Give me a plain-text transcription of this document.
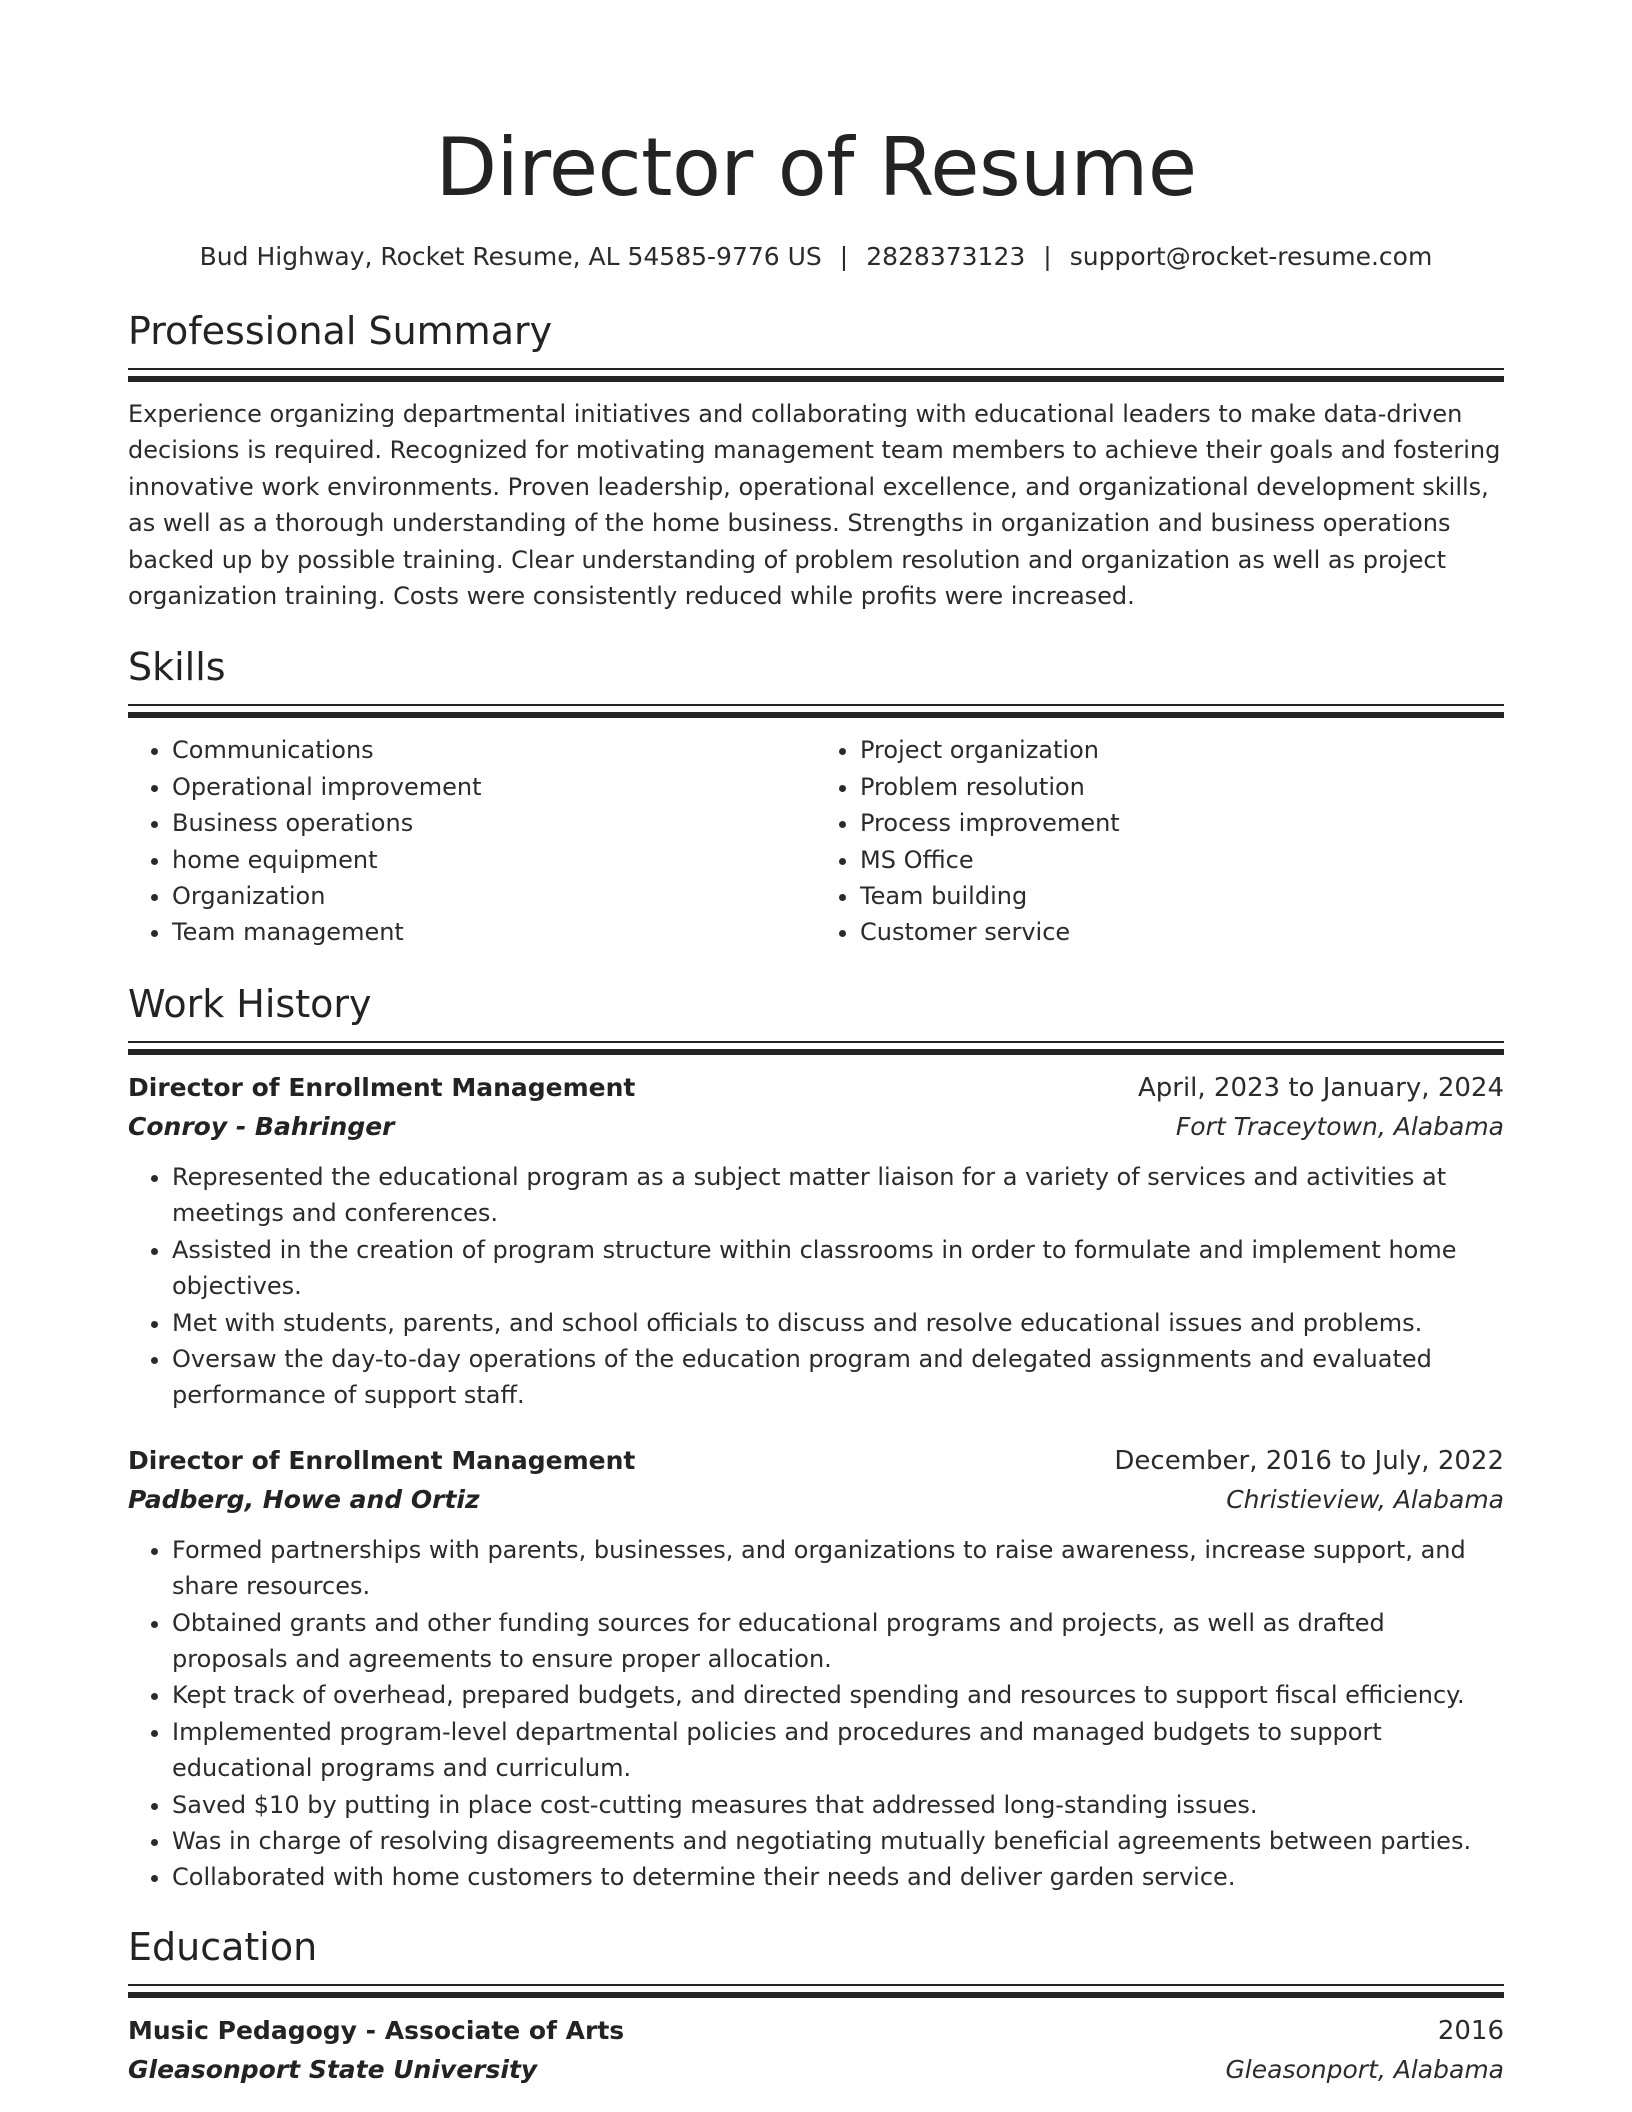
Director of Resume
Bud Highway, Rocket Resume, AL 54585-9776 US | 2828373123 | support@rocket-resume.com
Professional Summary

Experience organizing departmental initiatives and collaborating with educational leaders to make data-driven decisions is required. Recognized for motivating management team members to achieve their goals and fostering innovative work environments. Proven leadership, operational excellence, and organizational development skills, as well as a thorough understanding of the home business. Strengths in organization and business operations backed up by possible training. Clear understanding of problem resolution and organization as well as project organization training. Costs were consistently reduced while profits were increased.

Skills
• Communications
• Operational improvement
• Business operations
• home equipment
• Organization
• Team management
• Project organization
• Problem resolution
• Process improvement
• MS Office
• Team building
• Customer service
Work History
Director of Enrollment Management	April, 2023 to January, 2024
Conroy - Bahringer	Fort Traceytown, Alabama
• Represented the educational program as a subject matter liaison for a variety of services and activities at meetings and conferences.
• Assisted in the creation of program structure within classrooms in order to formulate and implement home objectives.
• Met with students, parents, and school officials to discuss and resolve educational issues and problems.
• Oversaw the day-to-day operations of the education program and delegated assignments and evaluated performance of support staff.
Director of Enrollment Management	December, 2016 to July, 2022
Padberg, Howe and Ortiz	Christieview, Alabama
• Formed partnerships with parents, businesses, and organizations to raise awareness, increase support, and share resources.
• Obtained grants and other funding sources for educational programs and projects, as well as drafted proposals and agreements to ensure proper allocation.
• Kept track of overhead, prepared budgets, and directed spending and resources to support fiscal efficiency.
• Implemented program-level departmental policies and procedures and managed budgets to support educational programs and curriculum.
• Saved $10 by putting in place cost-cutting measures that addressed long-standing issues.
• Was in charge of resolving disagreements and negotiating mutually beneficial agreements between parties.
• Collaborated with home customers to determine their needs and deliver garden service.
Education
Music Pedagogy - Associate of Arts	2016
Gleasonport State University	Gleasonport, Alabama
